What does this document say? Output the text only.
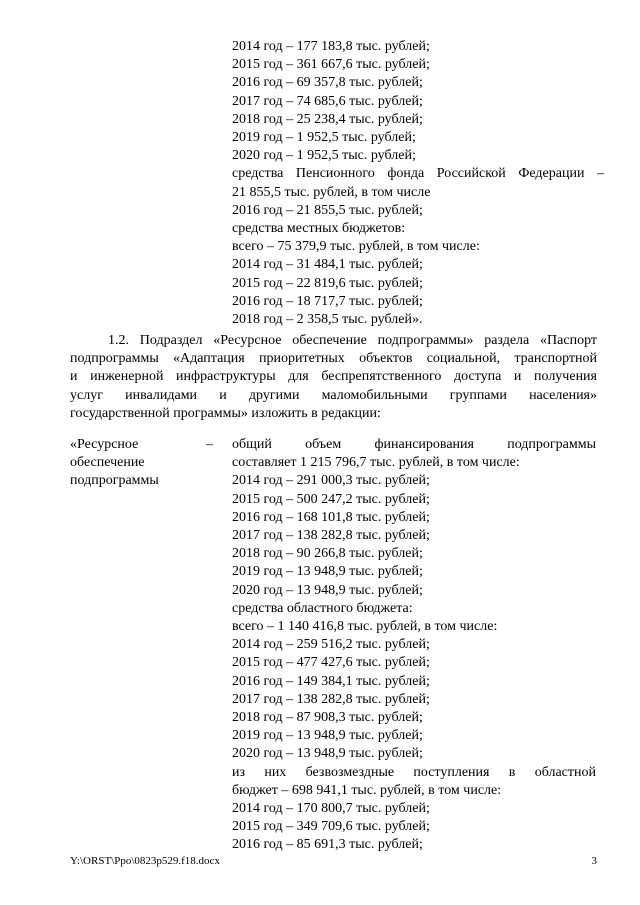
2014 год – 177 183,8 тыс. рублей;
2015 год – 361 667,6 тыс. рублей;
2016 год – 69 357,8 тыс. рублей;
2017 год – 74 685,6 тыс. рублей;
2018 год – 25 238,4 тыс. рублей;
2019 год – 1 952,5 тыс. рублей;
2020 год – 1 952,5 тыс. рублей;
средства Пенсионного фонда Российской Федерации –
21 855,5 тыс. рублей, в том числе
2016 год – 21 855,5 тыс. рублей;
средства местных бюджетов:
всего – 75 379,9 тыс. рублей, в том числе:
2014 год – 31 484,1 тыс. рублей;
2015 год – 22 819,6 тыс. рублей;
2016 год – 18 717,7 тыс. рублей;
2018 год – 2 358,5 тыс. рублей».
1.2. Подраздел «Ресурсное обеспечение подпрограммы» раздела «Паспорт
подпрограммы «Адаптация приоритетных объектов социальной, транспортной
и инженерной инфраструктуры для беспрепятственного доступа и получения
услуг инвалидами и другими маломобильными группами населения»
государственной программы» изложить в редакции:
«Ресурсное
обеспечение
подпрограммы
– общий объем финансирования подпрограммы
составляет 1 215 796,7 тыс. рублей, в том числе:
2014 год – 291 000,3 тыс. рублей;
2015 год – 500 247,2 тыс. рублей;
2016 год – 168 101,8 тыс. рублей;
2017 год – 138 282,8 тыс. рублей;
2018 год – 90 266,8 тыс. рублей;
2019 год – 13 948,9 тыс. рублей;
2020 год – 13 948,9 тыс. рублей;
средства областного бюджета:
всего – 1 140 416,8 тыс. рублей, в том числе:
2014 год – 259 516,2 тыс. рублей;
2015 год – 477 427,6 тыс. рублей;
2016 год – 149 384,1 тыс. рублей;
2017 год – 138 282,8 тыс. рублей;
2018 год – 87 908,3 тыс. рублей;
2019 год – 13 948,9 тыс. рублей;
2020 год – 13 948,9 тыс. рублей;
из них безвозмездные поступления в областной
бюджет – 698 941,1 тыс. рублей, в том числе:
2014 год – 170 800,7 тыс. рублей;
2015 год – 349 709,6 тыс. рублей;
2016 год – 85 691,3 тыс. рублей;
Y:\ORST\Ppo\0823p529.f18.docx	3
